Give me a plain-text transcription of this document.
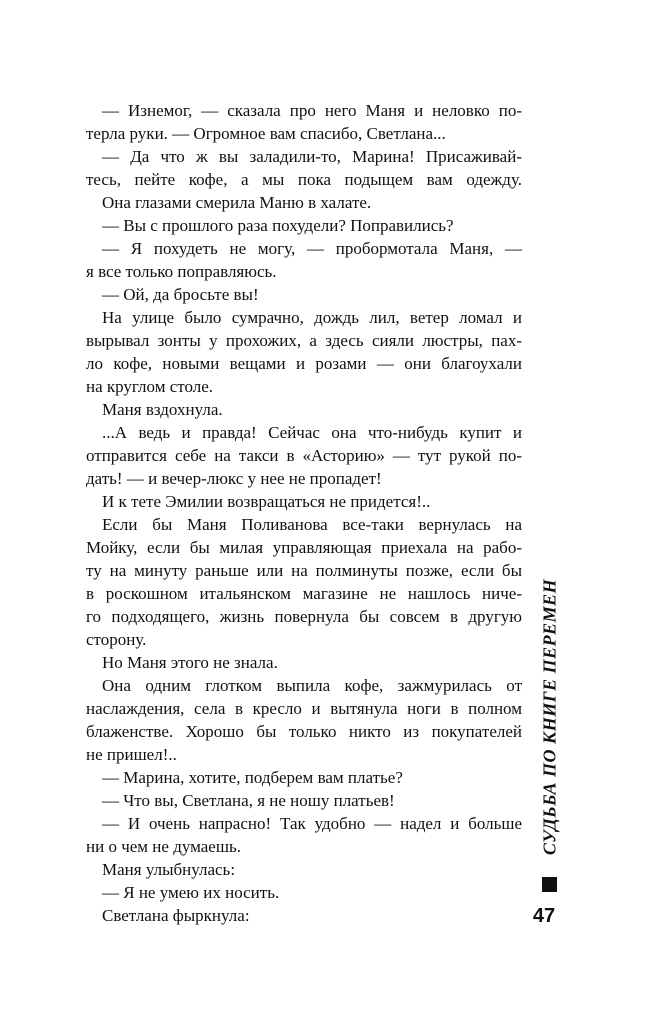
— Изнемог, — сказала про него Маня и неловко по-
терла руки. — Огромное вам спасибо, Светлана...
— Да что ж вы заладили-то, Марина! Присаживай-
тесь, пейте кофе, а мы пока подыщем вам одежду.
Она глазами смерила Маню в халате.
— Вы с прошлого раза похудели? Поправились?
— Я похудеть не могу, — пробормотала Маня, —
я все только поправляюсь.
— Ой, да бросьте вы!
На улице было сумрачно, дождь лил, ветер ломал и
вырывал зонты у прохожих, а здесь сияли люстры, пах-
ло кофе, новыми вещами и розами — они благоухали
на круглом столе.
Маня вздохнула.
...А ведь и правда! Сейчас она что-нибудь купит и
отправится себе на такси в «Асторию» — тут рукой по-
дать! — и вечер-люкс у нее не пропадет!
И к тете Эмилии возвращаться не придется!..
Если бы Маня Поливанова все-таки вернулась на
Мойку, если бы милая управляющая приехала на рабо-
ту на минуту раньше или на полминуты позже, если бы
в роскошном итальянском магазине не нашлось ниче-
го подходящего, жизнь повернула бы совсем в другую
сторону.
Но Маня этого не знала.
Она одним глотком выпила кофе, зажмурилась от
наслаждения, села в кресло и вытянула ноги в полном
блаженстве. Хорошо бы только никто из покупателей
не пришел!..
— Марина, хотите, подберем вам платье?
— Что вы, Светлана, я не ношу платьев!
— И очень напрасно! Так удобно — надел и больше
ни о чем не думаешь.
Маня улыбнулась:
— Я не умею их носить.
Светлана фыркнула:
СУДЬБА ПО КНИГЕ ПЕРЕМЕН
47
